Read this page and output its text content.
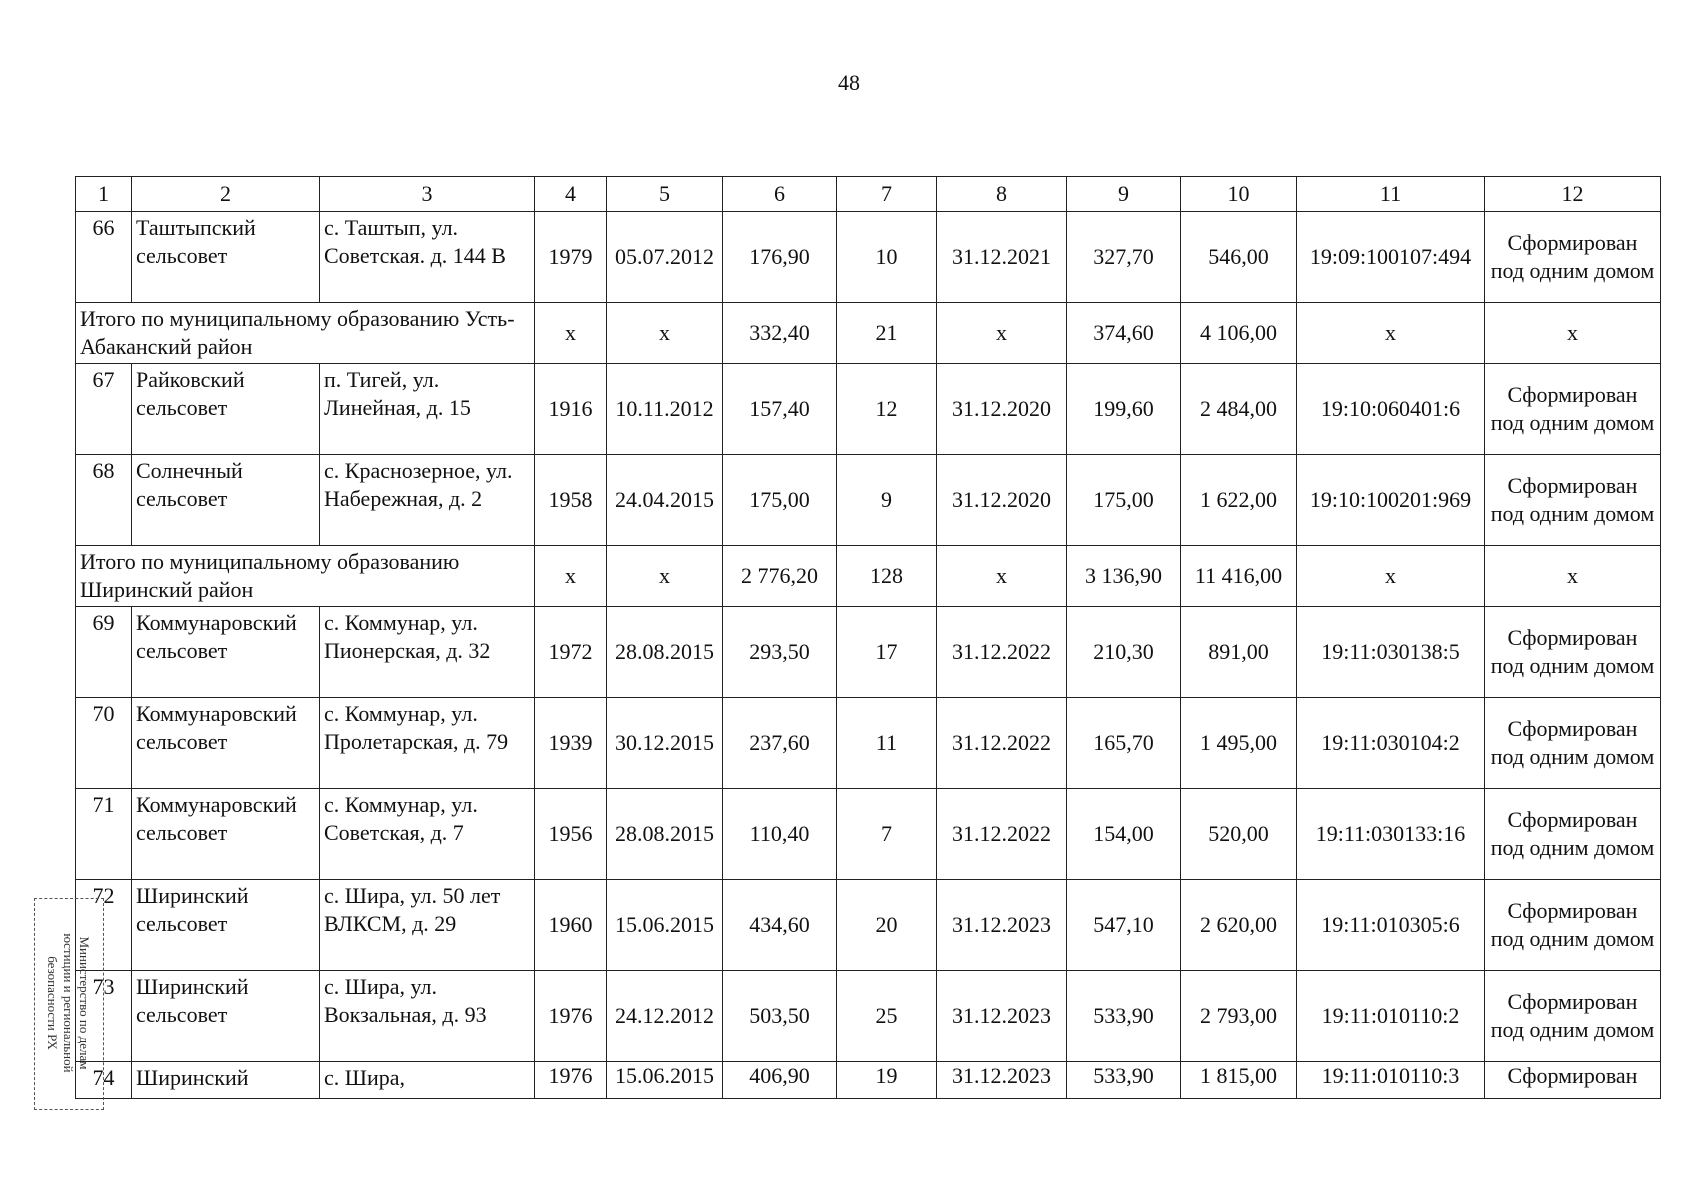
48
1	2	3	4	5	6	7	8	9	10	11	12
66	Таштыпский сельсовет	с. Таштып, ул. Советская. д. 144 В	1979	05.07.2012	176,90	10	31.12.2021	327,70	546,00	19:09:100107:494	Сформирован под одним домом
Итого по муниципальному образованию Усть-Абаканский район			х	х	332,40	21	х	374,60	4 106,00	х	х
67	Райковский сельсовет	п. Тигей, ул. Линейная, д. 15	1916	10.11.2012	157,40	12	31.12.2020	199,60	2 484,00	19:10:060401:6	Сформирован под одним домом
68	Солнечный сельсовет	с. Краснозерное, ул. Набережная, д. 2	1958	24.04.2015	175,00	9	31.12.2020	175,00	1 622,00	19:10:100201:969	Сформирован под одним домом
Итого по муниципальному образованию Ширинский район			х	х	2 776,20	128	х	3 136,90	11 416,00	х	х
69	Коммунаровский сельсовет	с. Коммунар, ул. Пионерская, д. 32	1972	28.08.2015	293,50	17	31.12.2022	210,30	891,00	19:11:030138:5	Сформирован под одним домом
70	Коммунаровский сельсовет	с. Коммунар, ул. Пролетарская, д. 79	1939	30.12.2015	237,60	11	31.12.2022	165,70	1 495,00	19:11:030104:2	Сформирован под одним домом
71	Коммунаровский сельсовет	с. Коммунар, ул. Советская, д. 7	1956	28.08.2015	110,40	7	31.12.2022	154,00	520,00	19:11:030133:16	Сформирован под одним домом
72	Ширинский сельсовет	с. Шира, ул. 50 лет ВЛКСМ, д. 29	1960	15.06.2015	434,60	20	31.12.2023	547,10	2 620,00	19:11:010305:6	Сформирован под одним домом
73	Ширинский сельсовет	с. Шира, ул. Вокзальная, д. 93	1976	24.12.2012	503,50	25	31.12.2023	533,90	2 793,00	19:11:010110:2	Сформирован под одним домом
74	Ширинский	с. Шира,	1976	15.06.2015	406,90	19	31.12.2023	533,90	1 815,00	19:11:010110:3	Сформирован
Министерство по делам
юстиции и региональной
безопасности РХ
